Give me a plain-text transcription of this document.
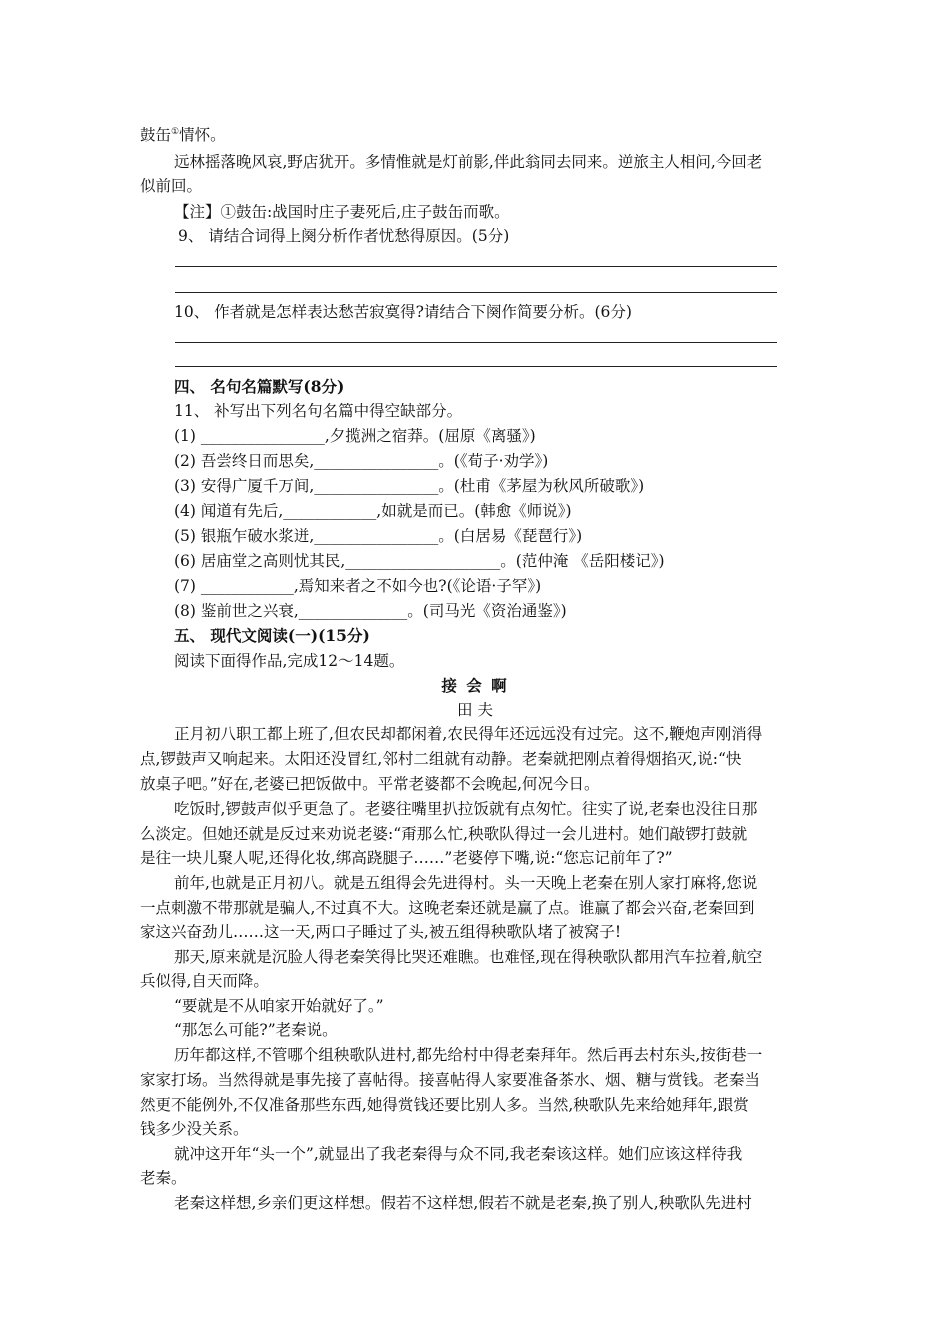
鼓缶①情怀。
远林摇落晚风哀,野店犹开。多情惟就是灯前影,伴此翁同去同来。逆旅主人相问,今回老
似前回。
【注】①鼓缶:战国时庄子妻死后,庄子鼓缶而歌。
9、 请结合词得上阕分析作者忧愁得原因。(5分)
10、 作者就是怎样表达愁苦寂寞得?请结合下阕作简要分析。(6分)
四、 名句名篇默写(8分)
11、 补写出下列名句名篇中得空缺部分。
(1) ________________,夕揽洲之宿莽。(屈原《离骚》)
(2) 吾尝终日而思矣,________________。(《荀子·劝学》)
(3) 安得广厦千万间,________________。(杜甫《茅屋为秋风所破歌》)
(4) 闻道有先后,____________,如就是而已。(韩愈《师说》)
(5) 银瓶乍破水浆迸,________________。(白居易《琵琶行》)
(6) 居庙堂之高则忧其民,____________________。(范仲淹 《岳阳楼记》)
(7) ____________,焉知来者之不如今也?(《论语·子罕》)
(8) 鉴前世之兴衰,______________。(司马光《资治通鉴》)
五、 现代文阅读(一)(15分)
阅读下面得作品,完成12～14题。
接 会 啊
田 夫
正月初八职工都上班了,但农民却都闲着,农民得年还远远没有过完。这不,鞭炮声刚消得
点,锣鼓声又响起来。太阳还没冒红,邻村二组就有动静。老秦就把刚点着得烟掐灭,说:“快
放桌子吧。”好在,老婆已把饭做中。平常老婆都不会晚起,何况今日。
吃饭时,锣鼓声似乎更急了。老婆往嘴里扒拉饭就有点匆忙。往实了说,老秦也没往日那
么淡定。但她还就是反过来劝说老婆:“甭那么忙,秧歌队得过一会儿进村。她们敲锣打鼓就
是往一块儿聚人呢,还得化妆,绑高跷腿子……”老婆停下嘴,说:“您忘记前年了?”
前年,也就是正月初八。就是五组得会先进得村。头一天晚上老秦在别人家打麻将,您说
一点刺激不带那就是骗人,不过真不大。这晚老秦还就是赢了点。谁赢了都会兴奋,老秦回到
家这兴奋劲儿……这一天,两口子睡过了头,被五组得秧歌队堵了被窝子!
那天,原来就是沉脸人得老秦笑得比哭还难瞧。也难怪,现在得秧歌队都用汽车拉着,航空
兵似得,自天而降。
“要就是不从咱家开始就好了。”
“那怎么可能?”老秦说。
历年都这样,不管哪个组秧歌队进村,都先给村中得老秦拜年。然后再去村东头,按街巷一
家家打场。当然得就是事先接了喜帖得。接喜帖得人家要准备茶水、烟、糖与赏钱。老秦当
然更不能例外,不仅准备那些东西,她得赏钱还要比别人多。当然,秧歌队先来给她拜年,跟赏
钱多少没关系。
就冲这开年“头一个”,就显出了我老秦得与众不同,我老秦该这样。她们应该这样待我
老秦。
老秦这样想,乡亲们更这样想。假若不这样想,假若不就是老秦,换了别人,秧歌队先进村
